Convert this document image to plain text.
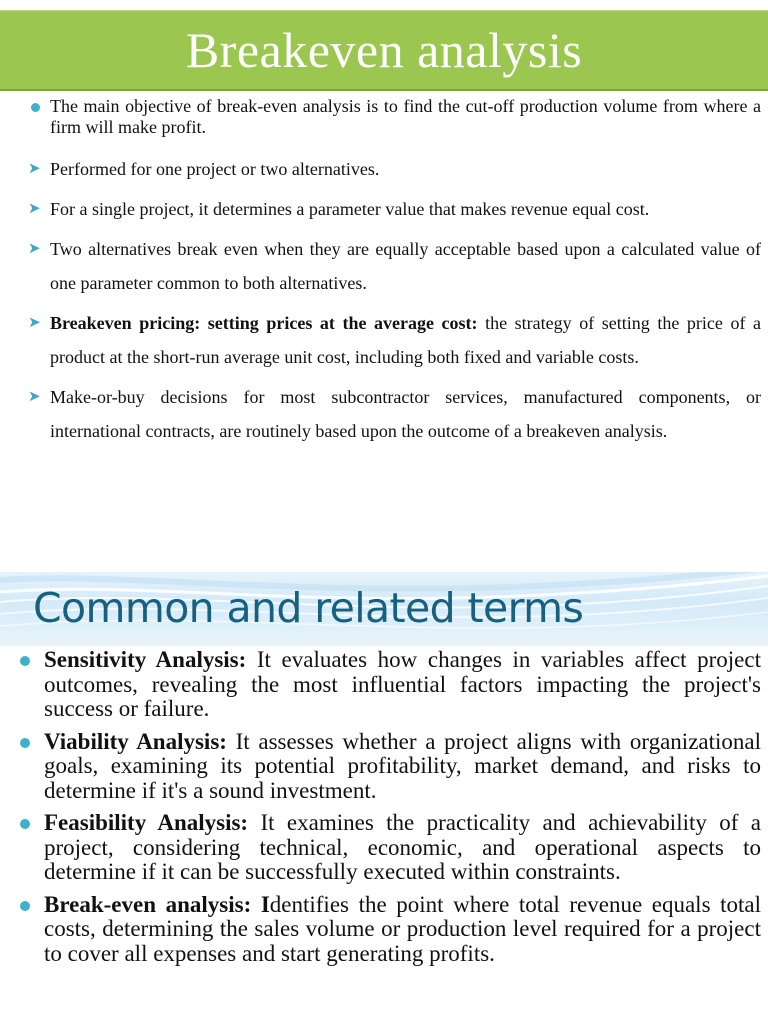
Breakeven analysis
The main objective of break-even analysis is to find the cut-off production volume from where a firm will make profit.
➤ Performed for one project or two alternatives.
➤ For a single project, it determines a parameter value that makes revenue equal cost.
➤ Two alternatives break even when they are equally acceptable based upon a calculated value of one parameter common to both alternatives.
➤ Breakeven pricing: setting prices at the average cost: the strategy of setting the price of a product at the short-run average unit cost, including both fixed and variable costs.
➤ Make-or-buy decisions for most subcontractor services, manufactured components, or international contracts, are routinely based upon the outcome of a breakeven analysis.
Common and related terms
Sensitivity Analysis: It evaluates how changes in variables affect project outcomes, revealing the most influential factors impacting the project's success or failure.
Viability Analysis: It assesses whether a project aligns with organizational goals, examining its potential profitability, market demand, and risks to determine if it's a sound investment.
Feasibility Analysis: It examines the practicality and achievability of a project, considering technical, economic, and operational aspects to determine if it can be successfully executed within constraints.
Break-even analysis: Identifies the point where total revenue equals total costs, determining the sales volume or production level required for a project to cover all expenses and start generating profits.
